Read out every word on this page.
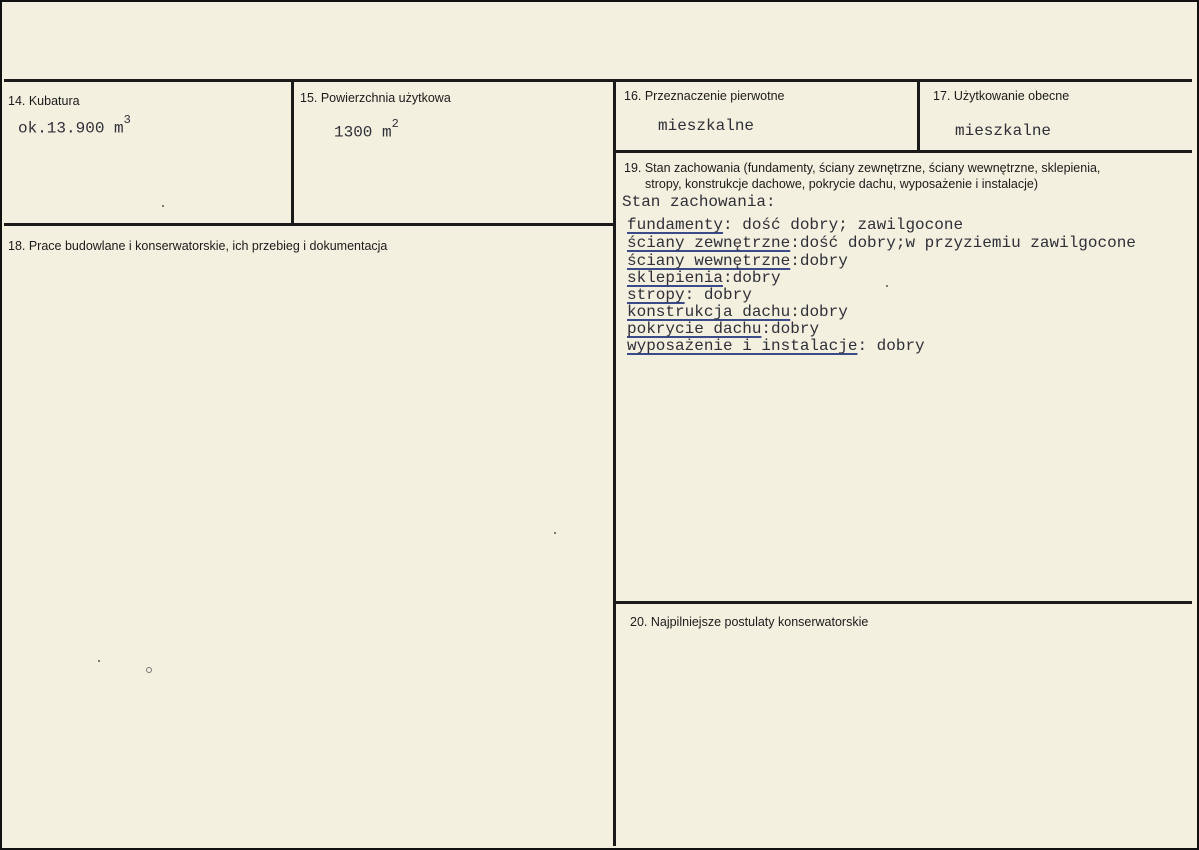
14. Kubatura
ok.13.900 $m^3$
15. Powierzchnia użytkowa
1300 $m^2$
16. Przeznaczenie pierwotne
mieszkalne
17. Użytkowanie obecne
mieszkalne
18. Prace budowlane i konserwatorskie, ich przebieg i dokumentacja
19. Stan zachowania (fundamenty, ściany zewnętrzne, ściany wewnętrzne, sklepienia,
stropy, konstrukcje dachowe, pokrycie dachu, wyposażenie i instalacje)
Stan zachowania:
fundamenty: dość dobry; zawilgocone
ściany zewnętrzne:dość dobry;w przyziemiu zawilgocone
ściany wewnętrzne:dobry
sklepienia:dobry
stropy: dobry
konstrukcja dachu:dobry
pokrycie dachu:dobry
wyposażenie i instalacje: dobry
20. Najpilniejsze postulaty konserwatorskie
